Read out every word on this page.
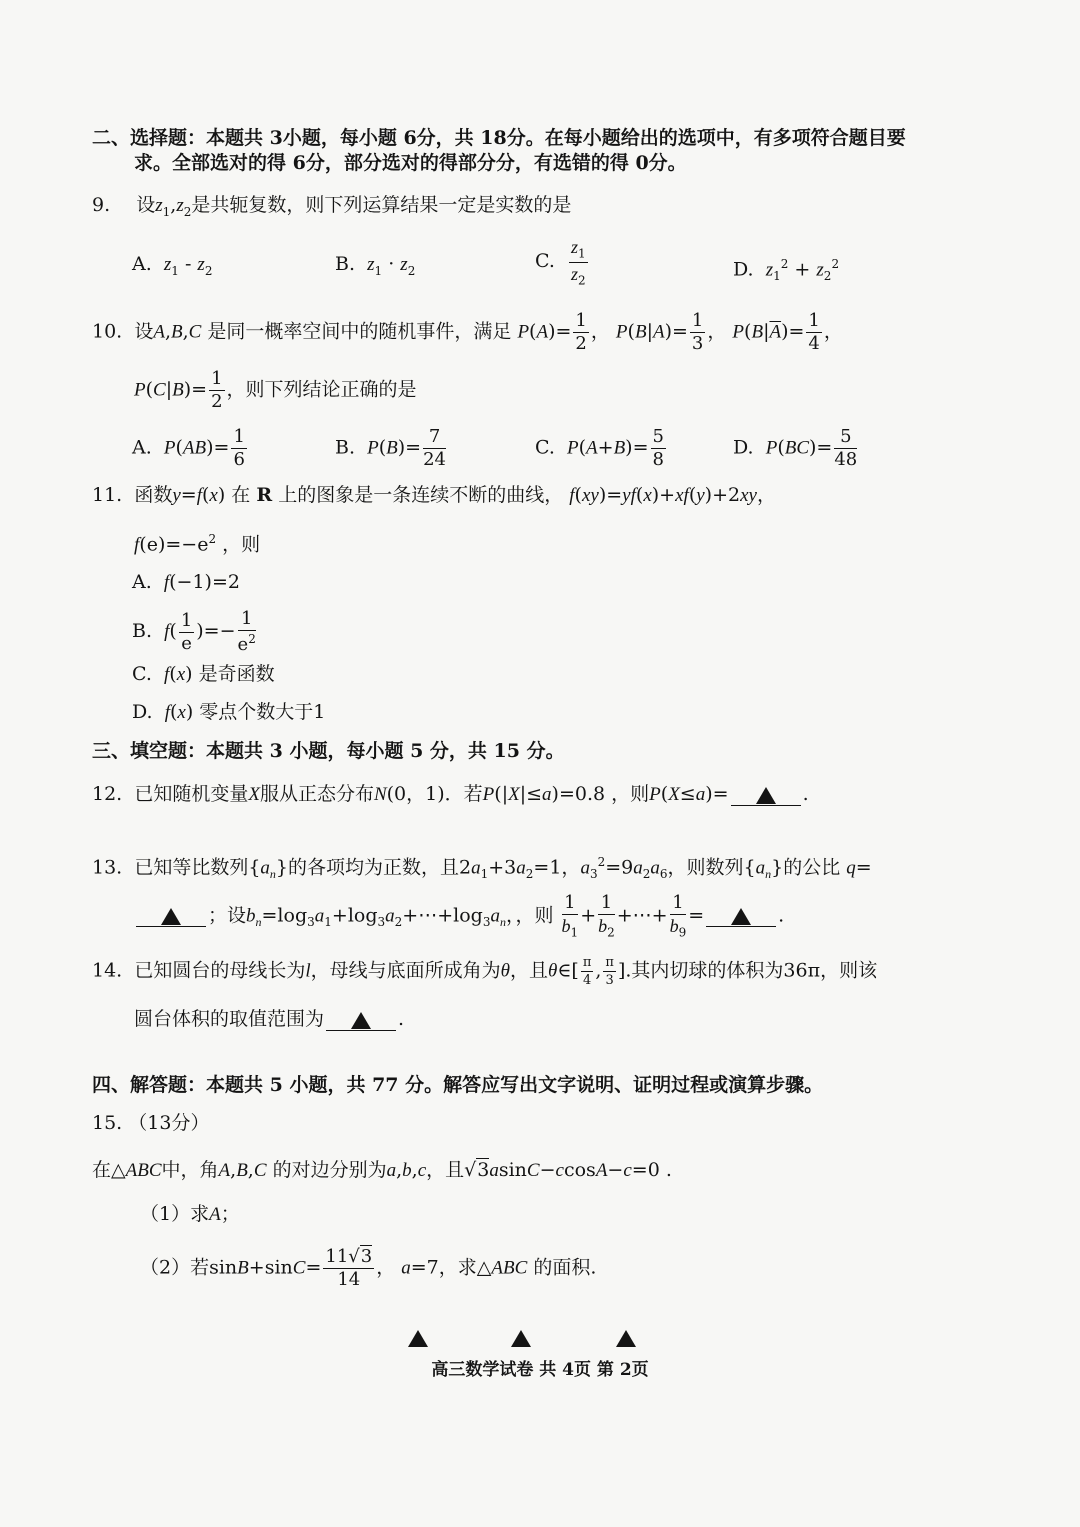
二、选择题：本题共 3小题，每小题 6分，共 18分。在每小题给出的选项中，有多项符合题目要
求。全部选对的得 6分，部分选对的得部分分，有选错的得 0分。
9. 设$z_1,z_2$是共轭复数，则下列运算结果一定是实数的是
A. $z_1 - z_2$	B. $z_1 \cdot z_2$	C. $\frac{z_1}{z_2}$	D. $z_1^2 + z_2^2$
10. 设A,B,C 是同一概率空间中的随机事件，满足 $P(A)= \frac{1}{2}$ ， $P(B|A)= \frac{1}{3}$ ， $P(B|\overline{A})= \frac{1}{4}$ ，
$P(C|B)= \frac{1}{2}$ ，则下列结论正确的是
A. $P(AB)= \frac{1}{6}$	B. $P(B)= \frac{7}{24}$	C. $P(A+B)= \frac{5}{8}$	D. $P(BC)= \frac{5}{48}$
11. 函数y=f(x) 在 R 上的图象是一条连续不断的曲线， f(xy)=yf(x)+xf(y)+2xy，
$f(e)=-e^2$ ，则
A. f(−1)=2
B. $f( \frac{1}{e}$ )=− $\frac{1}{e^2}$
C. f(x) 是奇函数
D. f(x) 零点个数大于1
三、填空题：本题共 3 小题，每小题 5 分，共 15 分。
12. 已知随机变量X服从正态分布N(0，1)．若P(|X|≤a)=0.8 ，则P(X≤a)=	.
13. 已知等比数列$\{a_n\}$的各项均为正数，且$2a_1+3a_2=1$，$a_3^2=9a_2a_6$，则数列$\{a_n\}$的公比 q=
；设$b_n=\log_3a_1+\log_3a_2+\cdots+\log_3a_n$，，则 $\frac{1}{b_1} + \frac{1}{b_2}$ +⋯+ $\frac{1}{b_9}$ =	.
14. 已知圆台的母线长为l，母线与底面所成角为θ，且θ∈[ $\frac{\pi}{4}$ , $\frac{\pi}{3}$ ].其内切球的体积为36π，则该
圆台体积的取值范围为	.
四、解答题：本题共 5 小题，共 77 分。解答应写出文字说明、证明过程或演算步骤。
15. （13分）
在△ABC中，角A,B,C 的对边分别为a,b,c，且√3asinC−ccosA−c=0 .
（1）求A；
（2）若$\sin B+\sin C= \frac{11√3}{14}$ ， a=7，求△ABC 的面积.
高三数学试卷 共 4页 第 2页
